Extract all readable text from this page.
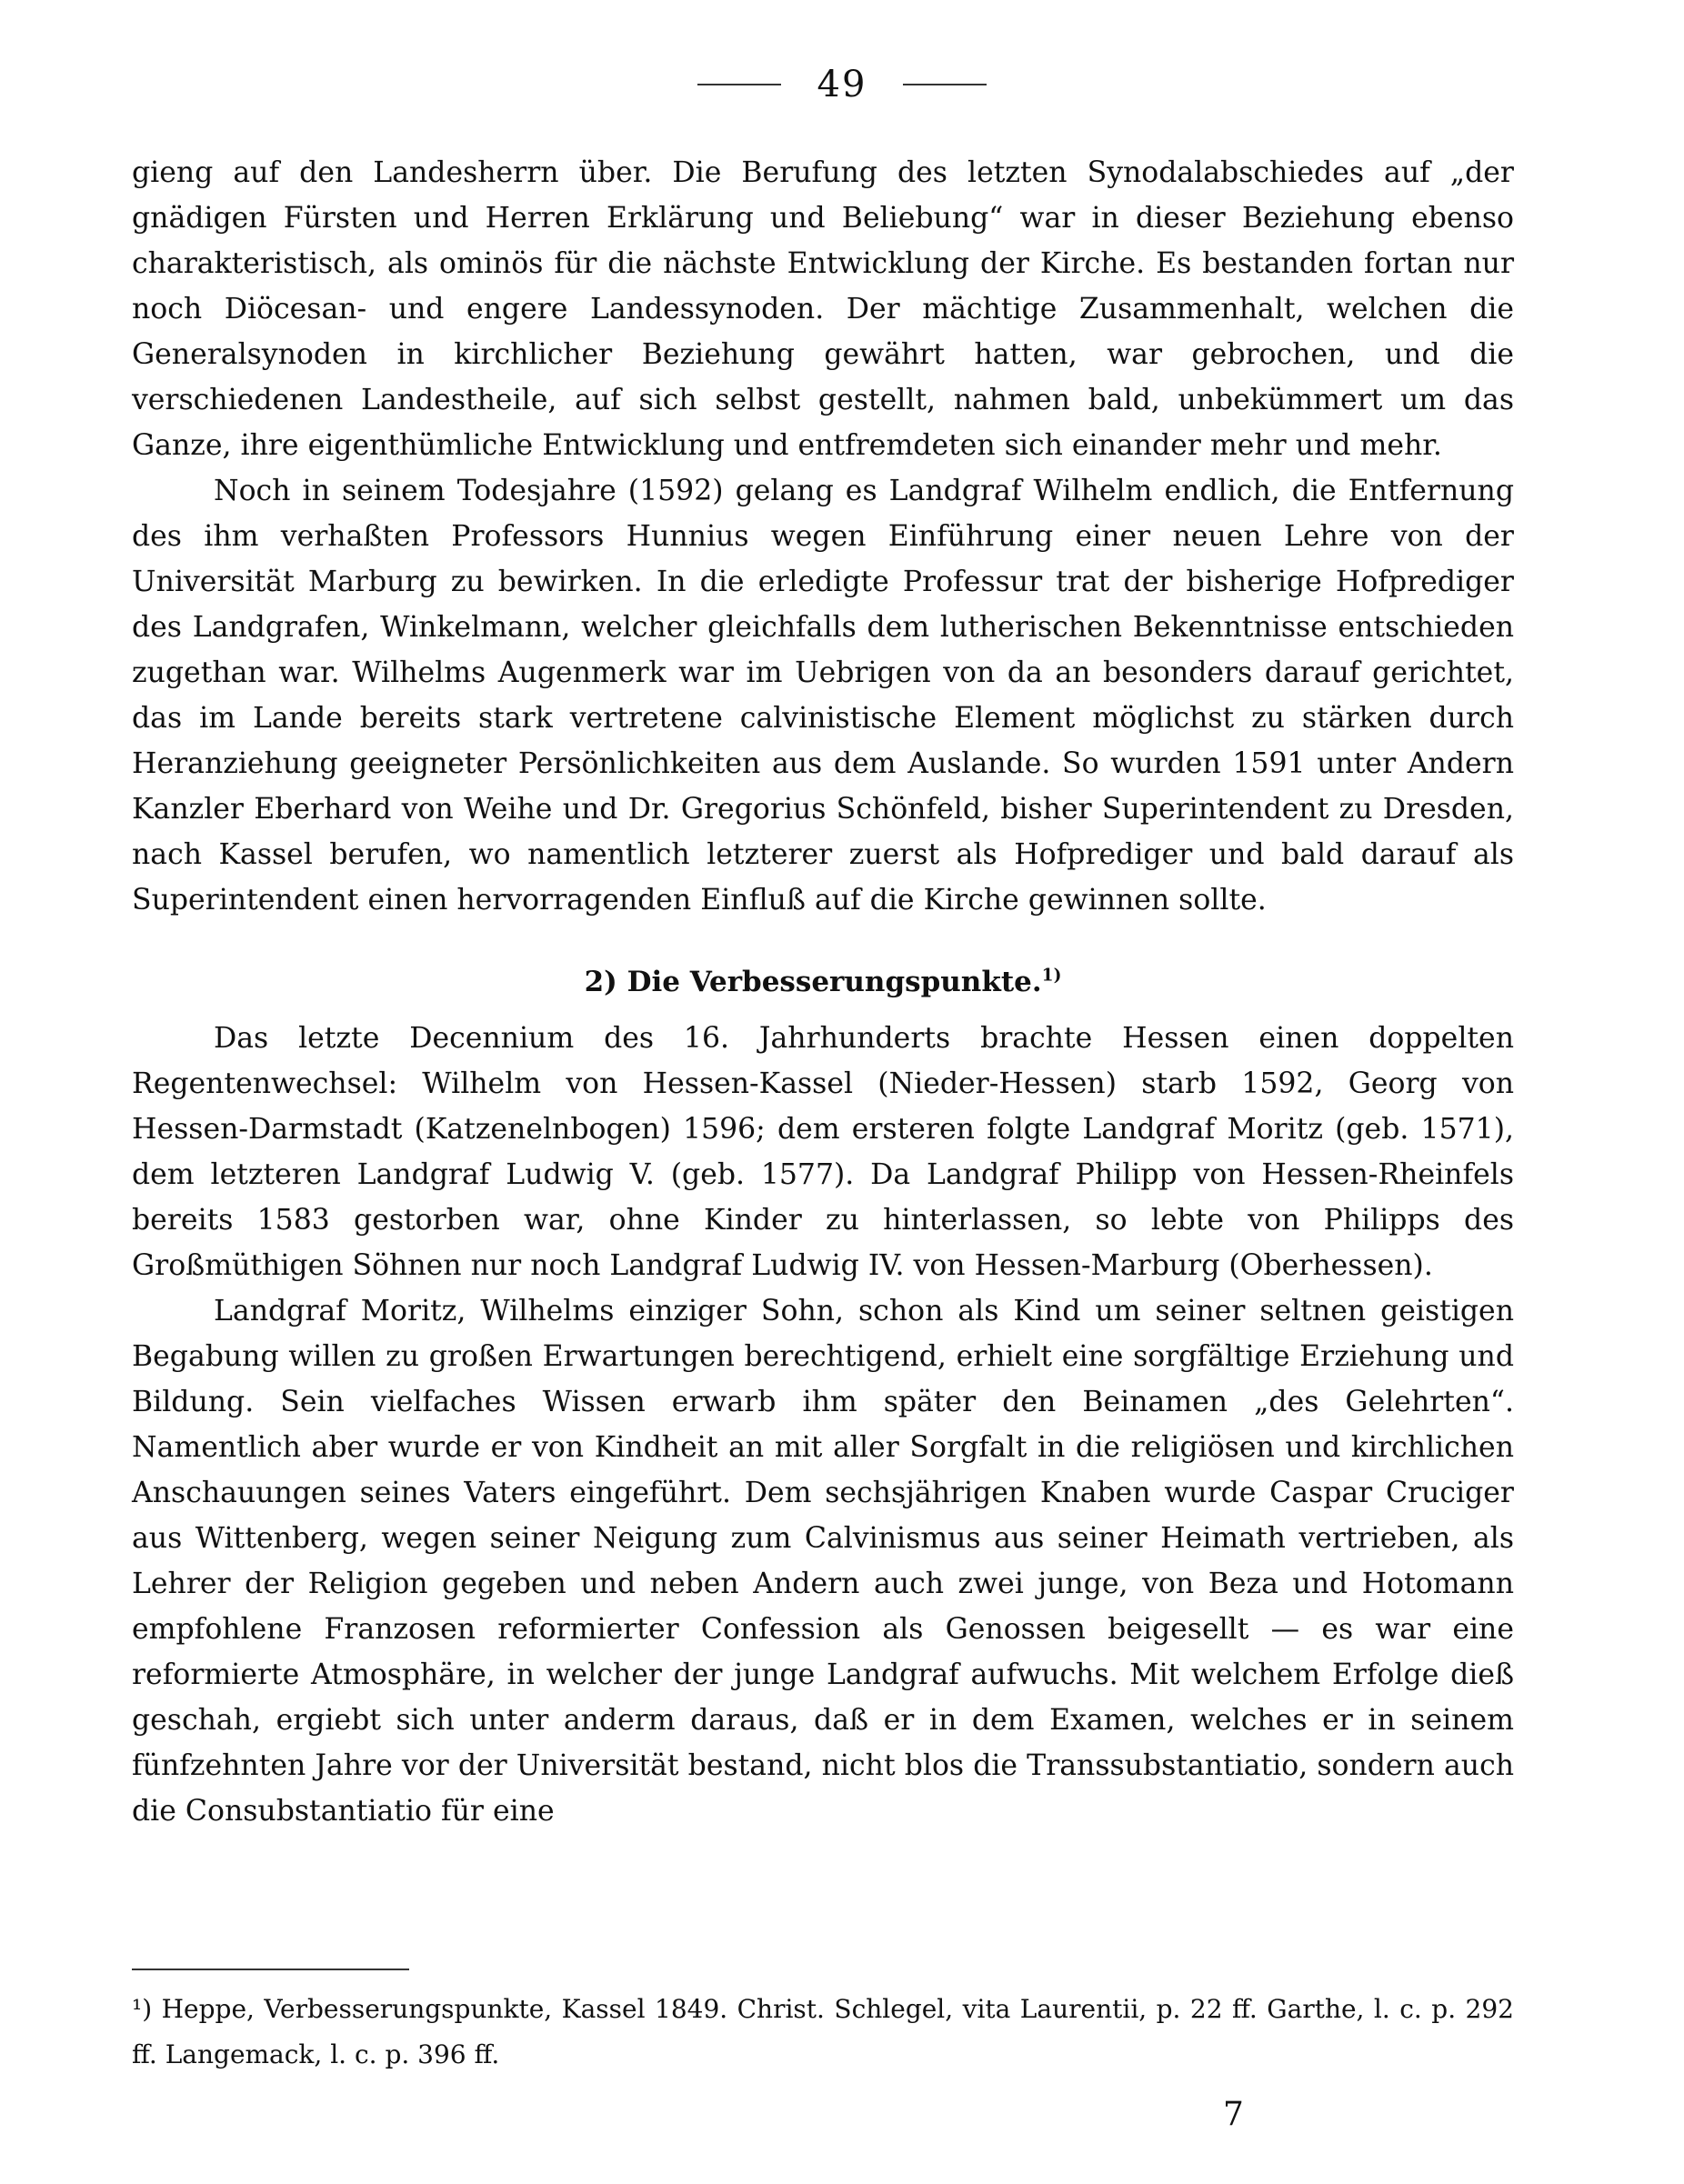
49

gieng auf den Landesherrn über. Die Berufung des letzten Synodalabschiedes auf „der gnädigen Fürsten und Herren Erklärung und Beliebung“ war in dieser Beziehung ebenso charakteristisch, als ominös für die nächste Entwicklung der Kirche. Es bestanden fortan nur noch Diöcesan- und engere Landessynoden. Der mächtige Zusammenhalt, welchen die Generalsynoden in kirchlicher Beziehung gewährt hatten, war gebrochen, und die verschiedenen Landestheile, auf sich selbst gestellt, nahmen bald, unbekümmert um das Ganze, ihre eigenthümliche Entwicklung und entfremdeten sich einander mehr und mehr.

Noch in seinem Todesjahre (1592) gelang es Landgraf Wilhelm endlich, die Entfernung des ihm verhaßten Professors Hunnius wegen Einführung einer neuen Lehre von der Universität Marburg zu bewirken. In die erledigte Professur trat der bisherige Hofprediger des Landgrafen, Winkelmann, welcher gleichfalls dem lutherischen Bekenntnisse entschieden zugethan war. Wilhelms Augenmerk war im Uebrigen von da an besonders darauf gerichtet, das im Lande bereits stark vertretene calvinistische Element möglichst zu stärken durch Heranziehung geeigneter Persönlichkeiten aus dem Auslande. So wurden 1591 unter Andern Kanzler Eberhard von Weihe und Dr. Gregorius Schönfeld, bisher Superintendent zu Dresden, nach Kassel berufen, wo namentlich letzterer zuerst als Hofprediger und bald darauf als Superintendent einen hervorragenden Einfluß auf die Kirche gewinnen sollte.

2) Die Verbesserungspunkte.$^{1)}$

Das letzte Decennium des 16. Jahrhunderts brachte Hessen einen doppelten Regentenwechsel: Wilhelm von Hessen-Kassel (Nieder-Hessen) starb 1592, Georg von Hessen-Darmstadt (Katzenelnbogen) 1596; dem ersteren folgte Landgraf Moritz (geb. 1571), dem letzteren Landgraf Ludwig V. (geb. 1577). Da Landgraf Philipp von Hessen-Rheinfels bereits 1583 gestorben war, ohne Kinder zu hinterlassen, so lebte von Philipps des Großmüthigen Söhnen nur noch Landgraf Ludwig IV. von Hessen-Marburg (Oberhessen).

Landgraf Moritz, Wilhelms einziger Sohn, schon als Kind um seiner seltnen geistigen Begabung willen zu großen Erwartungen berechtigend, erhielt eine sorgfältige Erziehung und Bildung. Sein vielfaches Wissen erwarb ihm später den Beinamen „des Gelehrten“. Namentlich aber wurde er von Kindheit an mit aller Sorgfalt in die religiösen und kirchlichen Anschauungen seines Vaters eingeführt. Dem sechsjährigen Knaben wurde Caspar Cruciger aus Wittenberg, wegen seiner Neigung zum Calvinismus aus seiner Heimath vertrieben, als Lehrer der Religion gegeben und neben Andern auch zwei junge, von Beza und Hotomann empfohlene Franzosen reformierter Confession als Genossen beigesellt — es war eine reformierte Atmosphäre, in welcher der junge Landgraf aufwuchs. Mit welchem Erfolge dieß geschah, ergiebt sich unter anderm daraus, daß er in dem Examen, welches er in seinem fünfzehnten Jahre vor der Universität bestand, nicht blos die Transsubstantiatio, sondern auch die Consubstantiatio für eine

¹) Heppe, Verbesserungspunkte, Kassel 1849. Christ. Schlegel, vita Laurentii, p. 22 ff. Garthe, l. c. p. 292 ff. Langemack, l. c. p. 396 ff.
7
